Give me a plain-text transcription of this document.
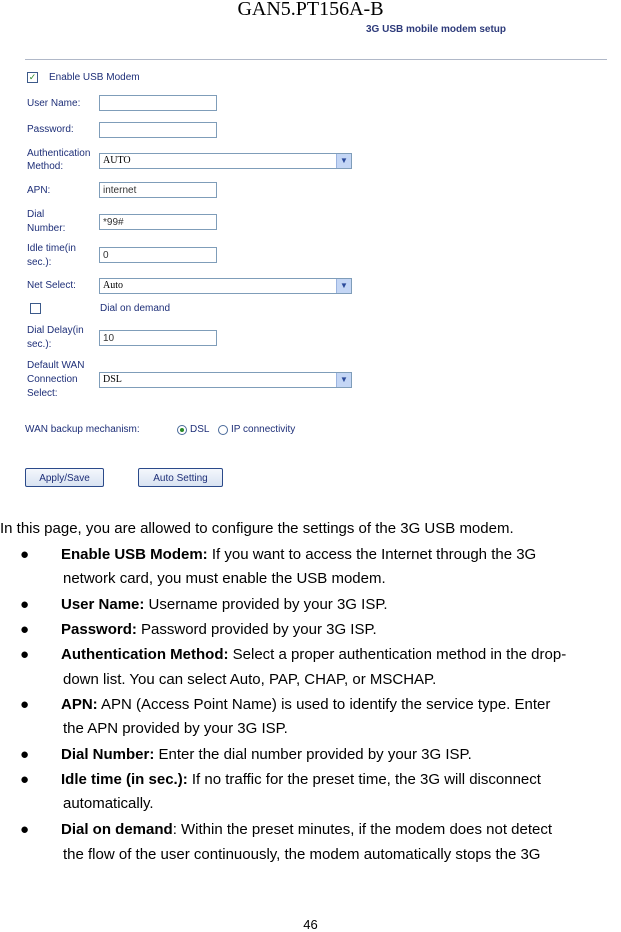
GAN5.PT156A-B
3G USB mobile modem setup
✓ Enable USB Modem
User Name:
Password:
Authentication
Method:
AUTO	▼
APN:	internet
Dial
Number:
*99#
Idle time(in
sec.):
0
Net Select:	Auto	▼
Dial on demand
Dial Delay(in
sec.):
10
Default WAN
Connection
Select:
DSL	▼
WAN backup mechanism:	DSL IP connectivity
Apply/Save	Auto Setting
In this page, you are allowed to configure the settings of the 3G USB modem.
● Enable USB Modem: If you want to access the Internet through the 3G
network card, you must enable the USB modem.
● User Name: Username provided by your 3G ISP.
● Password: Password provided by your 3G ISP.
● Authentication Method: Select a proper authentication method in the drop-
down list. You can select Auto, PAP, CHAP, or MSCHAP.
● APN: APN (Access Point Name) is used to identify the service type. Enter
the APN provided by your 3G ISP.
● Dial Number: Enter the dial number provided by your 3G ISP.
● Idle time (in sec.): If no traffic for the preset time, the 3G will disconnect
automatically.
● Dial on demand: Within the preset minutes, if the modem does not detect
the flow of the user continuously, the modem automatically stops the 3G
46
